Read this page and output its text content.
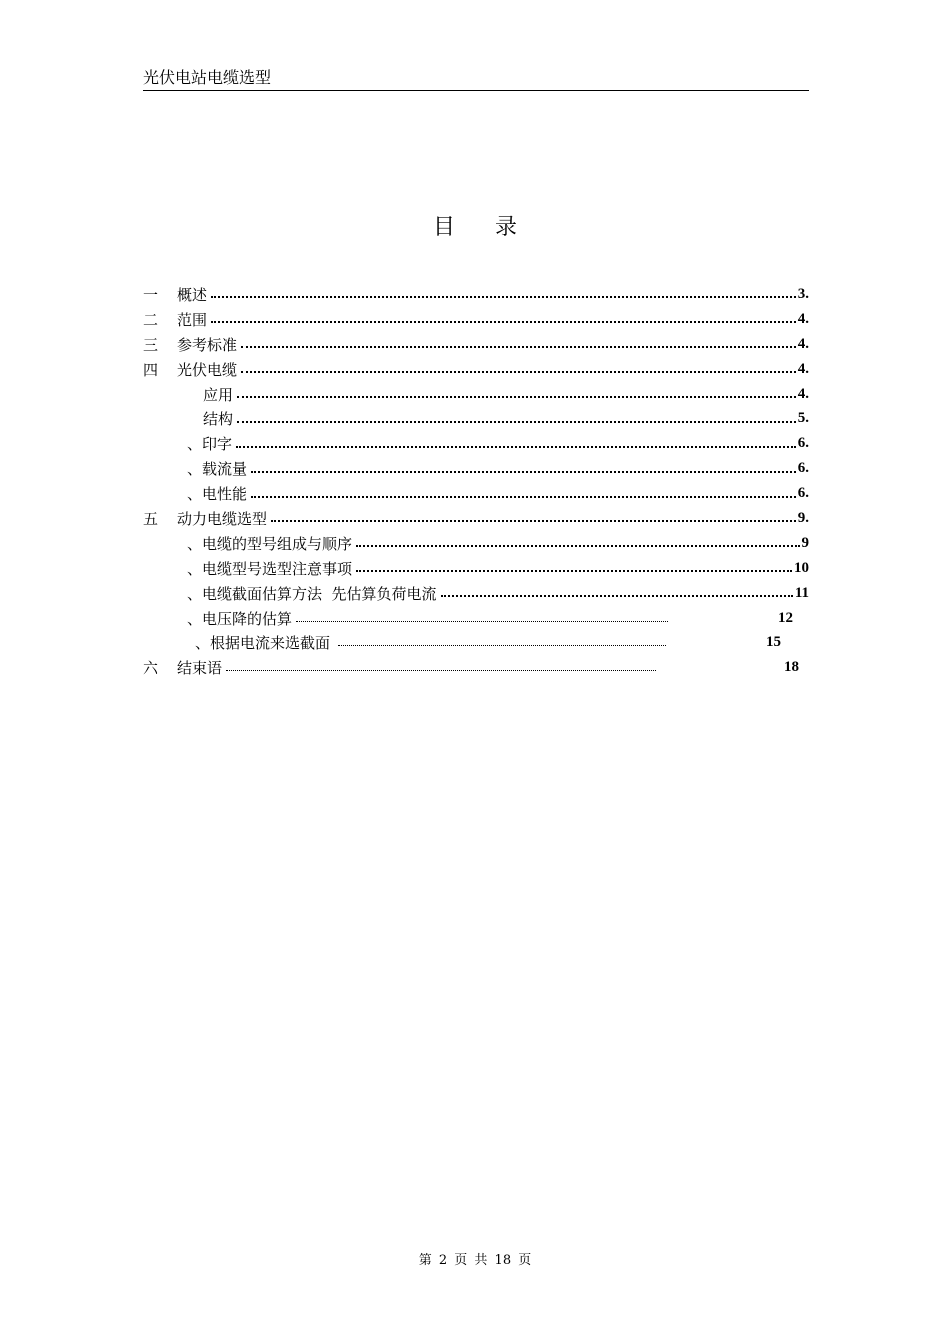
光伏电站电缆选型
目录
一	概述	3.
二	范围	4.
三	参考标准	4.
四	光伏电缆	4.
应用	4.
结构	5.
、印字	6.
、载流量	6.
、电性能	6.
五	动力电缆选型	9.
、电缆的型号组成与顺序	9
、电缆型号选型注意事项	10
、电缆截面估算方法  先估算负荷电流	11
、电压降的估算	12
、根据电流来选截面	15
六	结束语	18
第 2 页 共 18 页
